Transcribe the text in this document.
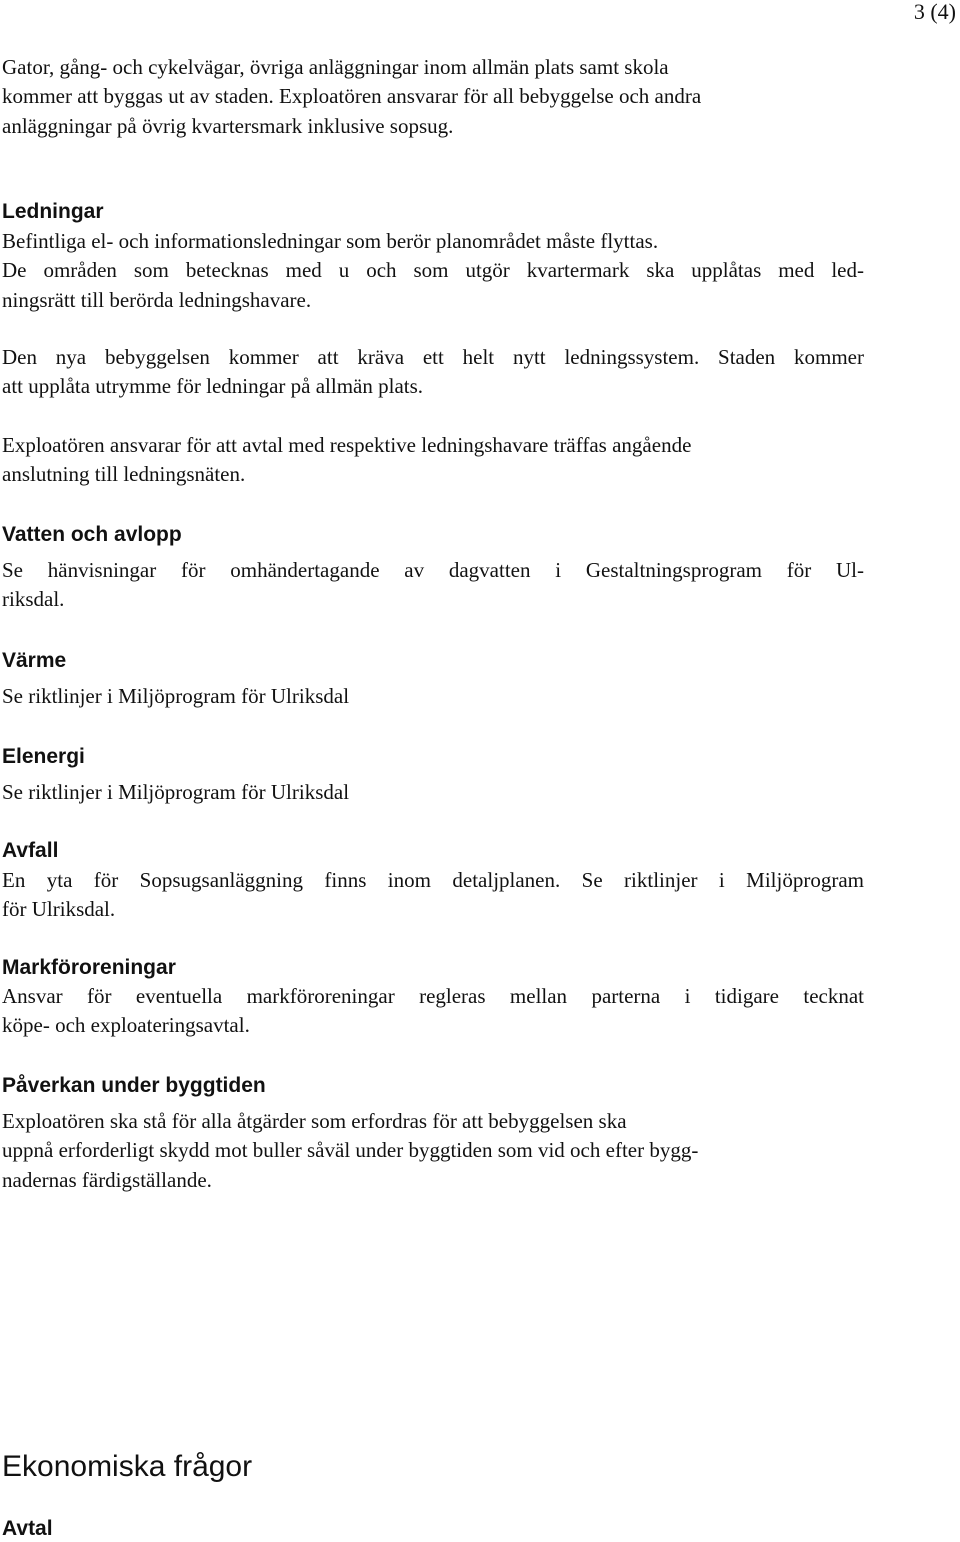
3 (4)

Gator, gång- och cykelvägar, övriga anläggningar inom allmän plats samt skola
kommer att byggas ut av staden. Exploatören ansvarar för all bebyggelse och andra
anläggningar på övrig kvartersmark inklusive sopsug.

Ledningar

Befintliga el- och informationsledningar som berör planområdet måste flyttas.
De områden som betecknas med u och som utgör kvartermark ska upplåtas med led-
ningsrätt till berörda ledningshavare.

Den nya bebyggelsen kommer att kräva ett helt nytt ledningssystem. Staden kommer
att upplåta utrymme för ledningar på allmän plats.

Exploatören ansvarar för att avtal med respektive ledningshavare träffas angående
anslutning till ledningsnäten.

Vatten och avlopp

Se hänvisningar för omhändertagande av dagvatten i Gestaltningsprogram för Ul-
riksdal.

Värme

Se riktlinjer i Miljöprogram för Ulriksdal

Elenergi

Se riktlinjer i Miljöprogram för Ulriksdal

Avfall

En yta för Sopsugsanläggning finns inom detaljplanen. Se riktlinjer i Miljöprogram
för Ulriksdal.

Markföroreningar

Ansvar för eventuella markföroreningar regleras mellan parterna i tidigare tecknat
köpe- och exploateringsavtal.

Påverkan under byggtiden

Exploatören ska stå för alla åtgärder som erfordras för att bebyggelsen ska
uppnå erforderligt skydd mot buller såväl under byggtiden som vid och efter bygg-
nadernas färdigställande.

Ekonomiska frågor
Avtal
